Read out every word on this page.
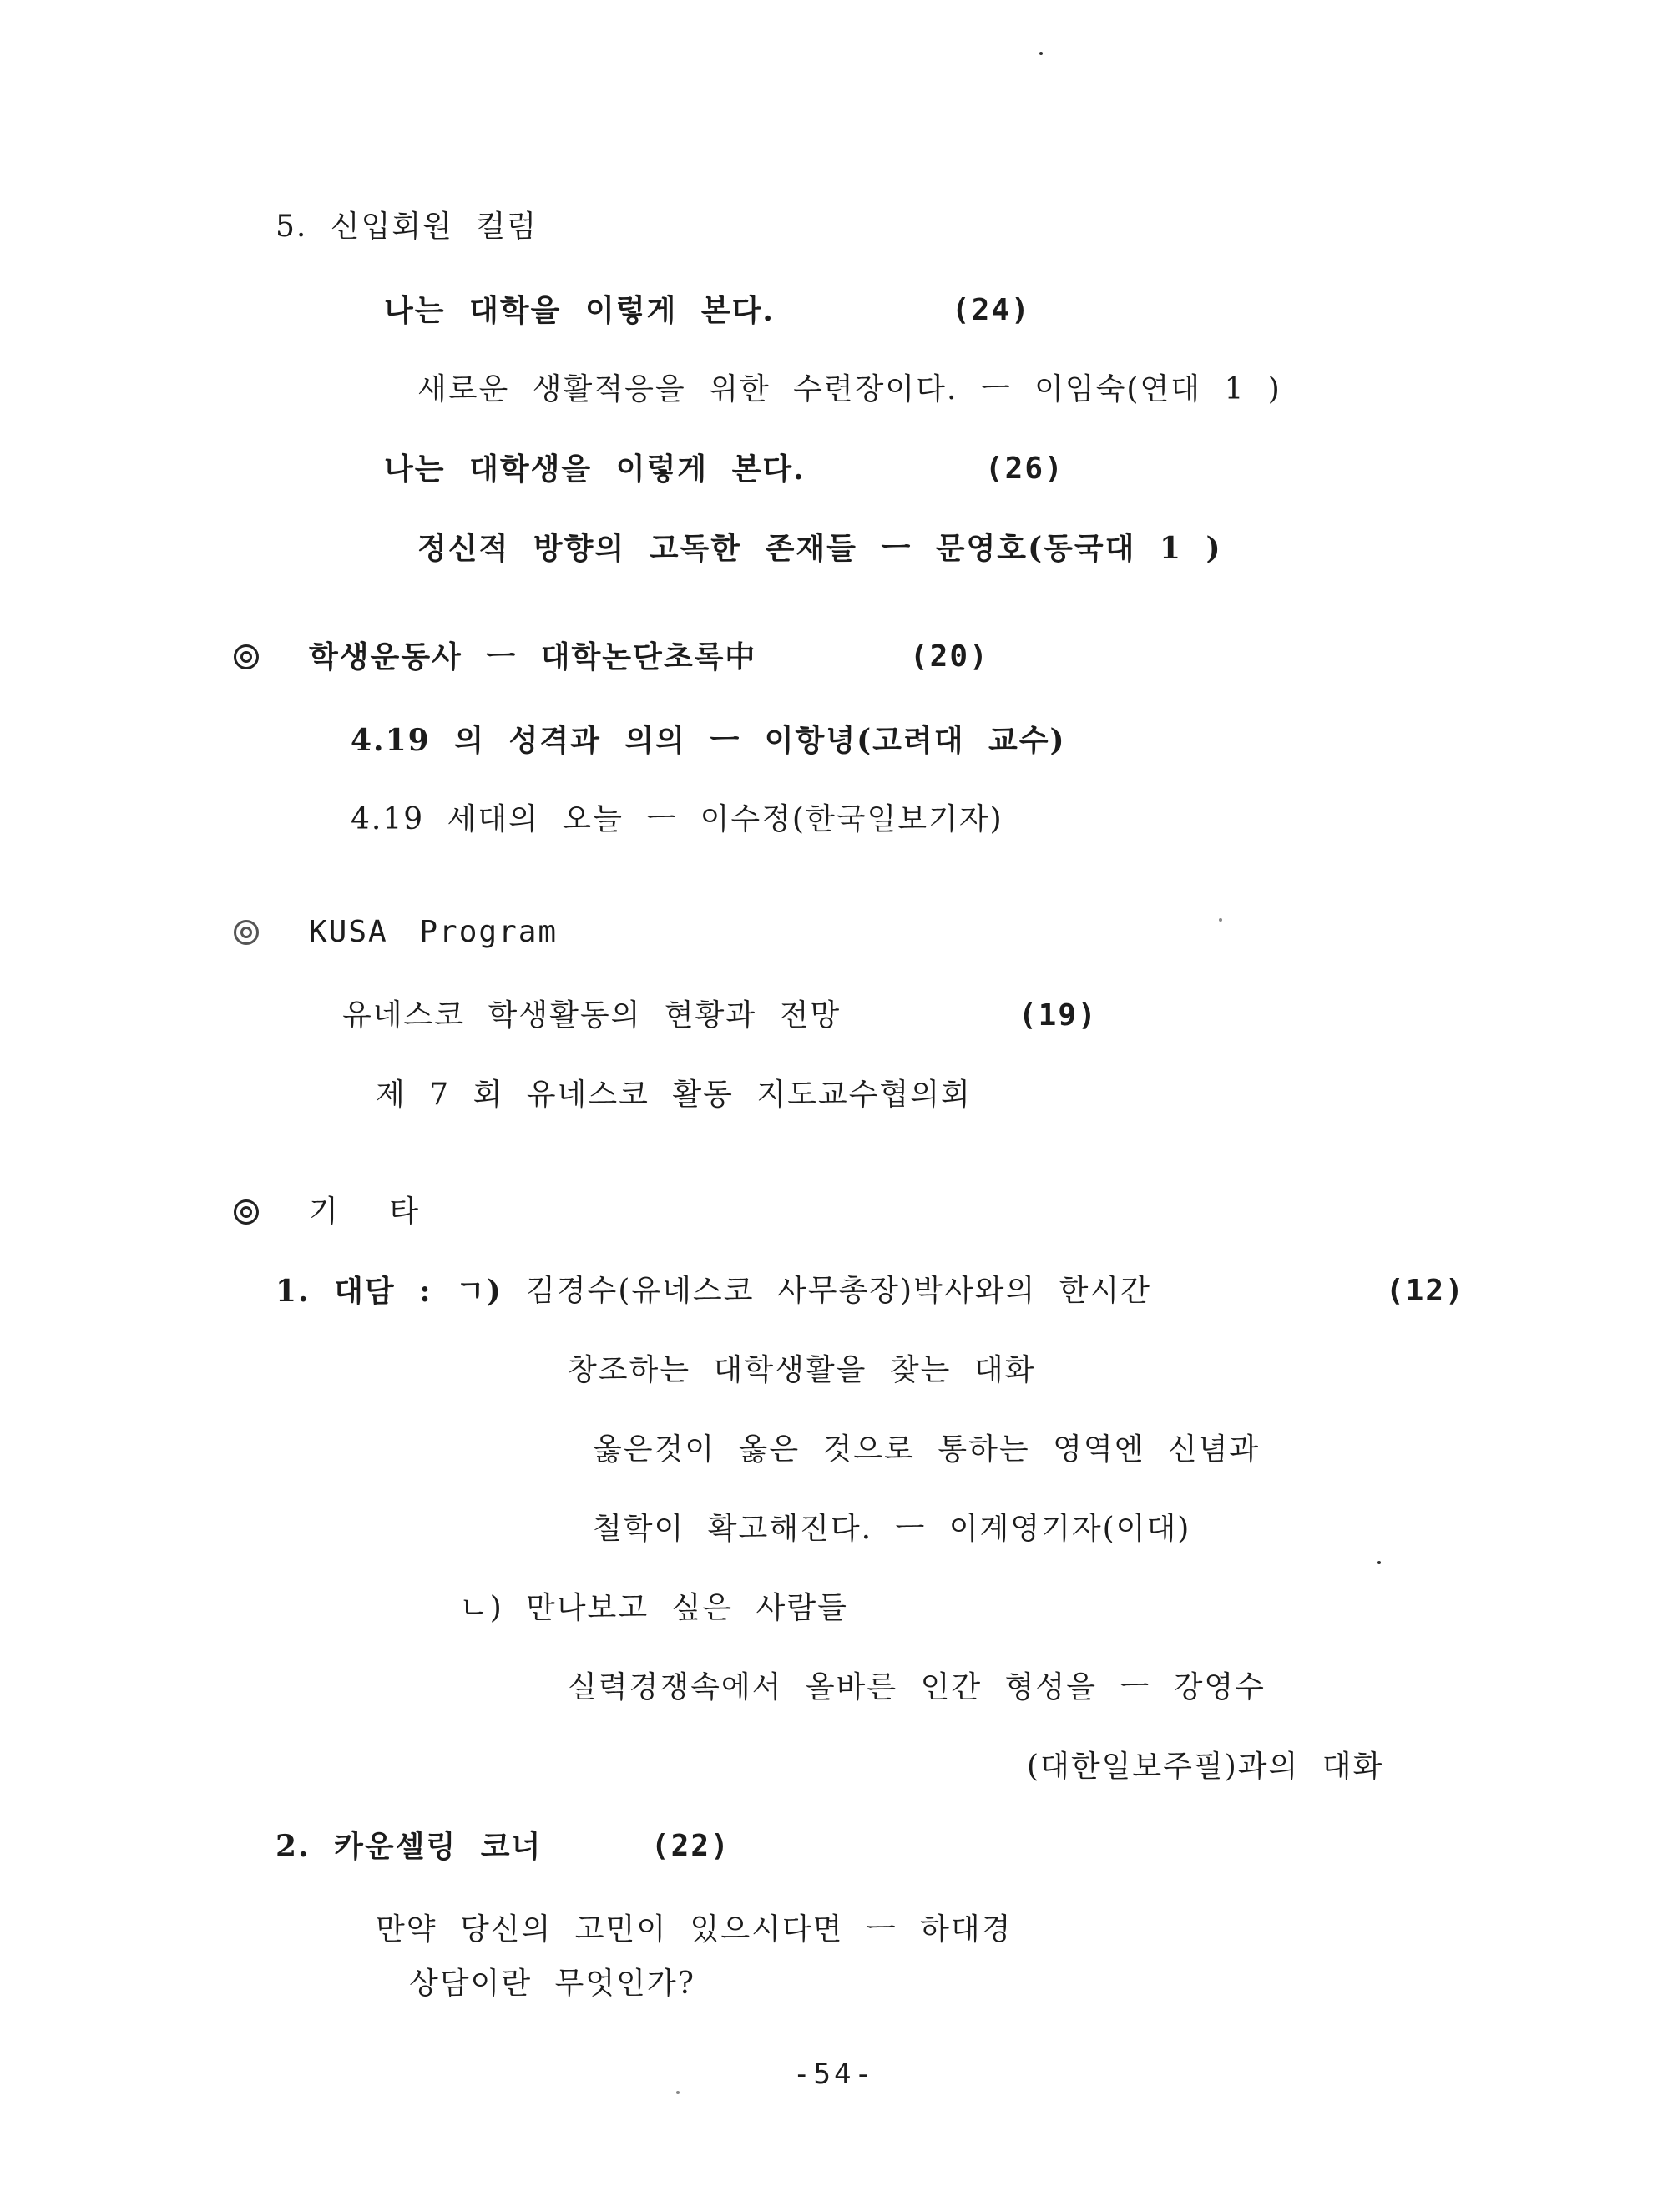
5. 신입회원 컬럼
나는 대학을 이렇게 본다.	(24)
새로운 생활적응을 위한 수련장이다. ㅡ 이임숙(연대 1 )
나는 대학생을 이렇게 본다.	(26)
정신적 방향의 고독한 존재들 ㅡ 문영호(동국대 1 )
학생운동사 ㅡ 대학논단초록中	(20)
4.19 의 성격과 의의 ㅡ 이항녕(고려대 교수)
4.19 세대의 오늘 ㅡ 이수정(한국일보기자)
KUSA Program
유네스코 학생활동의 현황과 전망	(19)
제 7 회 유네스코 활동 지도교수협의회
기 타
1. 대담 : ㄱ) 김경수(유네스코 사무총장)박사와의 한시간	(12)
창조하는 대학생활을 찾는 대화
옳은것이 옳은 것으로 통하는 영역엔 신념과
철학이 확고해진다. ㅡ 이계영기자(이대)
ㄴ) 만나보고 싶은 사람들
실력경쟁속에서 올바른 인간 형성을 ㅡ 강영수
(대한일보주필)과의 대화
2. 카운셀링 코너	(22)
만약 당신의 고민이 있으시다면 ㅡ 하대경
상담이란 무엇인가?
-54-
